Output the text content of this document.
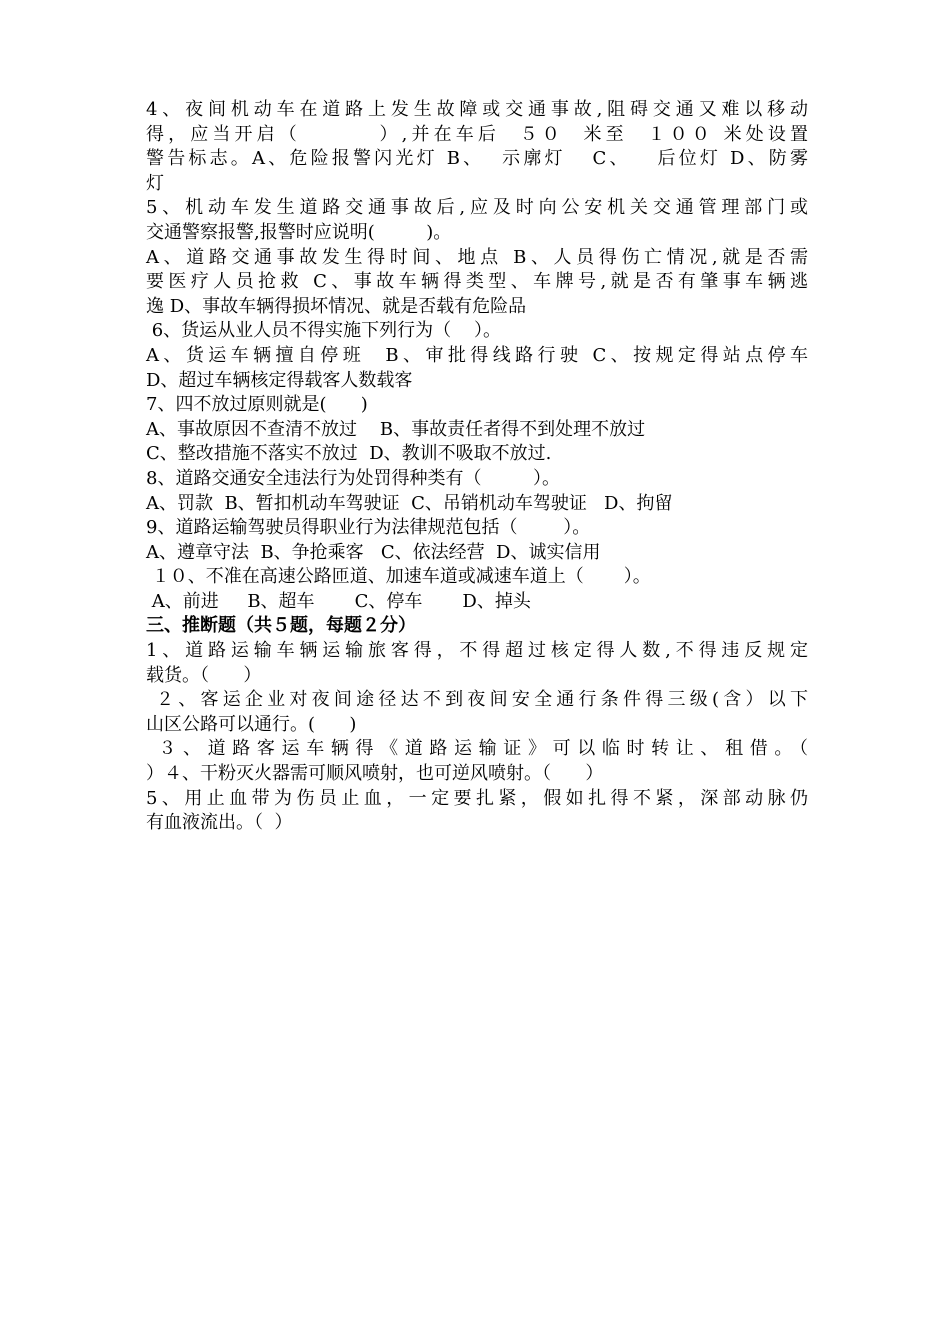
4、夜间机动车在道路上发生故障或交通事故,阻碍交通又难以移动

得，应当开启（        ）,并在车后  ５０  米至  １００ 米处设置

警告标志。A、危险报警闪光灯 B、  示廓灯   C、   后位灯 D、防雾

灯

5、机动车发生道路交通事故后,应及时向公安机关交通管理部门或

交通警察报警,报警时应说明(         )。

A、道路交通事故发生得时间、地点 B、人员得伤亡情况,就是否需

要医疗人员抢救 C、事故车辆得类型、车牌号,就是否有肇事车辆逃

逸 D、事故车辆得损坏情况、就是否载有危险品

6、货运从业人员不得实施下列行为（    ）。

A、货运车辆擅自停班  B、审批得线路行驶 C、按规定得站点停车

D、超过车辆核定得载客人数载客

7、四不放过原则就是(      )

A、事故原因不查清不放过    B、事故责任者得不到处理不放过

C、整改措施不落实不放过  D、教训不吸取不放过.

8、道路交通安全违法行为处罚得种类有（         ）。

A、罚款  B、暂扣机动车驾驶证  C、吊销机动车驾驶证   D、拘留

9、道路运输驾驶员得职业行为法律规范包括（        ）。

A、遵章守法  B、争抢乘客   C、依法经营  D、诚实信用

１０、不准在高速公路匝道、加速车道或减速车道上（       ）。

A、前进     B、超车       C、停车       D、掉头

三、推断题（共５题，每题２分）

1、道路运输车辆运输旅客得，不得超过核定得人数,不得违反规定

载货。（      ）

２、客运企业对夜间途径达不到夜间安全通行条件得三级(含）以下

山区公路可以通行。(      )

３、道路客运车辆得《道路运输证》可以临时转让、租借。（

）４、干粉灭火器需可顺风喷射，也可逆风喷射。（      ）

5、用止血带为伤员止血，一定要扎紧，假如扎得不紧，深部动脉仍

有血液流出。（  ）
